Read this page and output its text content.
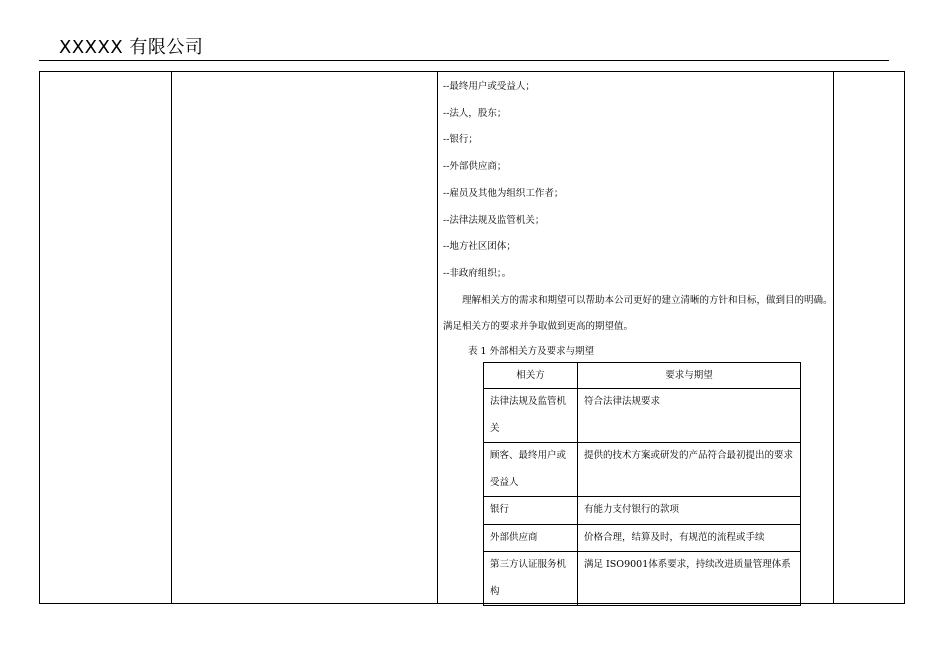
XXXXX 有限公司
--最终用户或受益人；
--法人，股东；
--银行；
--外部供应商；
--雇员及其他为组织工作者；
--法律法规及监管机关；
--地方社区团体；
--非政府组织；。
理解相关方的需求和期望可以帮助本公司更好的建立清晰的方针和目标，做到目的明确。满足相关方的要求并争取做到更高的期望值。
表 1 外部相关方及要求与期望
相关方	要求与期望
法律法规及监管机关	符合法律法规要求
顾客、最终用户或受益人	提供的技术方案或研发的产品符合最初提出的要求
银行	有能力支付银行的款项
外部供应商	价格合理，结算及时，有规范的流程或手续
第三方认证服务机构	满足 ISO9001体系要求，持续改进质量管理体系
